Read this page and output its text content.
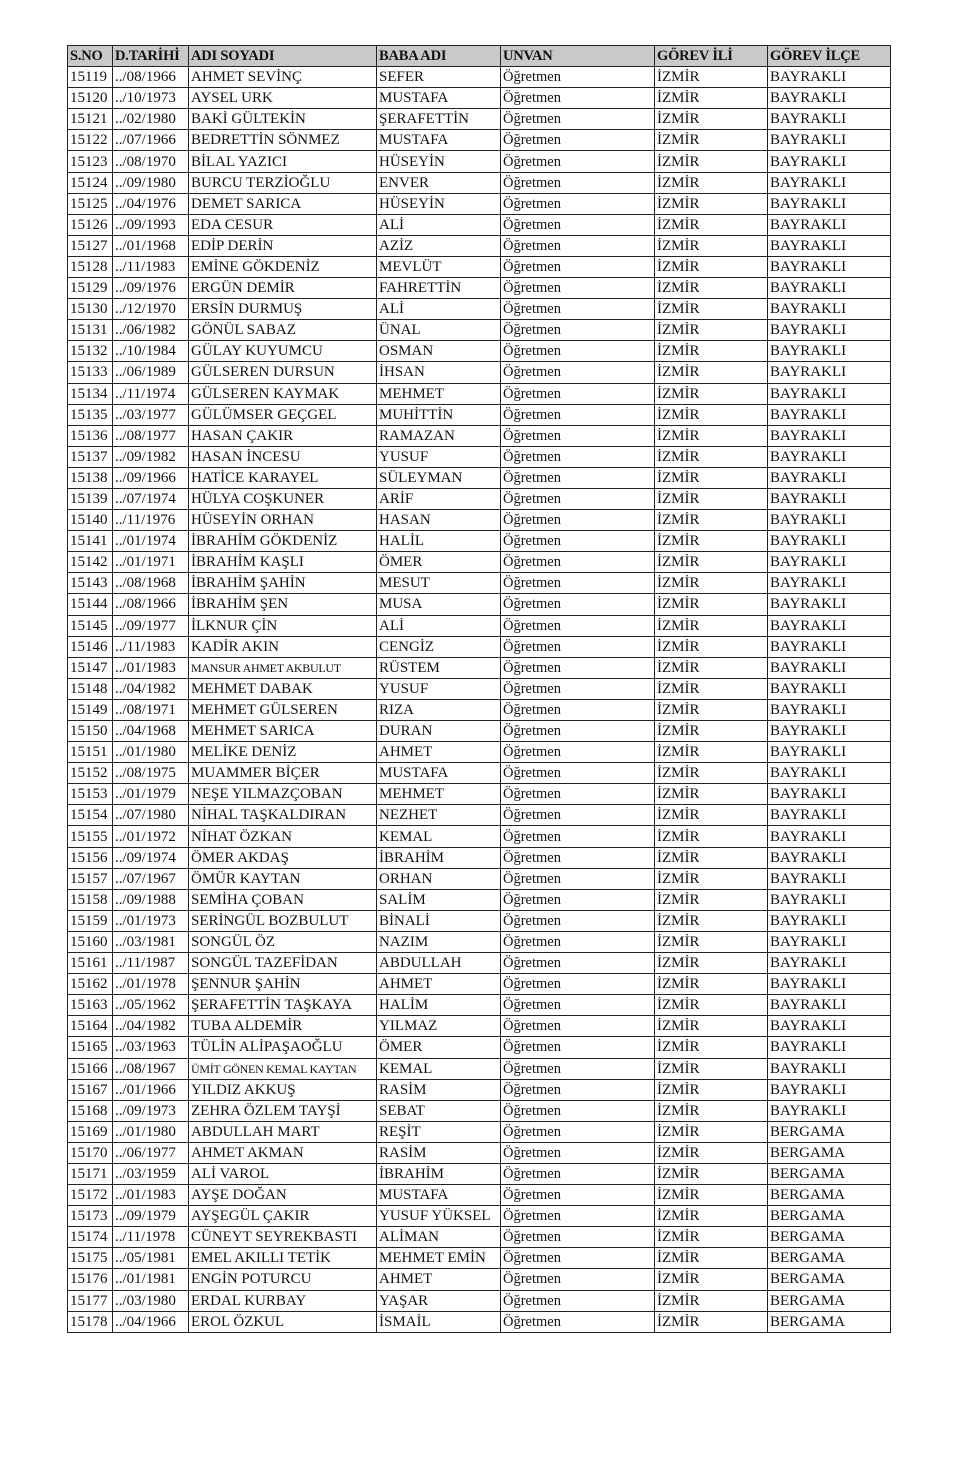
S.NO	D.TARİHİ	ADI SOYADI	BABA ADI	UNVAN	GÖREV İLİ	GÖREV İLÇE
15119	../08/1966	AHMET SEVİNÇ	SEFER	Öğretmen	İZMİR	BAYRAKLI
15120	../10/1973	AYSEL URK	MUSTAFA	Öğretmen	İZMİR	BAYRAKLI
15121	../02/1980	BAKİ GÜLTEKİN	ŞERAFETTİN	Öğretmen	İZMİR	BAYRAKLI
15122	../07/1966	BEDRETTİN SÖNMEZ	MUSTAFA	Öğretmen	İZMİR	BAYRAKLI
15123	../08/1970	BİLAL YAZICI	HÜSEYİN	Öğretmen	İZMİR	BAYRAKLI
15124	../09/1980	BURCU TERZİOĞLU	ENVER	Öğretmen	İZMİR	BAYRAKLI
15125	../04/1976	DEMET SARICA	HÜSEYİN	Öğretmen	İZMİR	BAYRAKLI
15126	../09/1993	EDA CESUR	ALİ	Öğretmen	İZMİR	BAYRAKLI
15127	../01/1968	EDİP DERİN	AZİZ	Öğretmen	İZMİR	BAYRAKLI
15128	../11/1983	EMİNE GÖKDENİZ	MEVLÜT	Öğretmen	İZMİR	BAYRAKLI
15129	../09/1976	ERGÜN DEMİR	FAHRETTİN	Öğretmen	İZMİR	BAYRAKLI
15130	../12/1970	ERSİN DURMUŞ	ALİ	Öğretmen	İZMİR	BAYRAKLI
15131	../06/1982	GÖNÜL SABAZ	ÜNAL	Öğretmen	İZMİR	BAYRAKLI
15132	../10/1984	GÜLAY KUYUMCU	OSMAN	Öğretmen	İZMİR	BAYRAKLI
15133	../06/1989	GÜLSEREN DURSUN	İHSAN	Öğretmen	İZMİR	BAYRAKLI
15134	../11/1974	GÜLSEREN KAYMAK	MEHMET	Öğretmen	İZMİR	BAYRAKLI
15135	../03/1977	GÜLÜMSER GEÇGEL	MUHİTTİN	Öğretmen	İZMİR	BAYRAKLI
15136	../08/1977	HASAN ÇAKIR	RAMAZAN	Öğretmen	İZMİR	BAYRAKLI
15137	../09/1982	HASAN İNCESU	YUSUF	Öğretmen	İZMİR	BAYRAKLI
15138	../09/1966	HATİCE KARAYEL	SÜLEYMAN	Öğretmen	İZMİR	BAYRAKLI
15139	../07/1974	HÜLYA COŞKUNER	ARİF	Öğretmen	İZMİR	BAYRAKLI
15140	../11/1976	HÜSEYİN ORHAN	HASAN	Öğretmen	İZMİR	BAYRAKLI
15141	../01/1974	İBRAHİM GÖKDENİZ	HALİL	Öğretmen	İZMİR	BAYRAKLI
15142	../01/1971	İBRAHİM KAŞLI	ÖMER	Öğretmen	İZMİR	BAYRAKLI
15143	../08/1968	İBRAHİM ŞAHİN	MESUT	Öğretmen	İZMİR	BAYRAKLI
15144	../08/1966	İBRAHİM ŞEN	MUSA	Öğretmen	İZMİR	BAYRAKLI
15145	../09/1977	İLKNUR ÇİN	ALİ	Öğretmen	İZMİR	BAYRAKLI
15146	../11/1983	KADİR AKIN	CENGİZ	Öğretmen	İZMİR	BAYRAKLI
15147	../01/1983	MANSUR AHMET AKBULUT	RÜSTEM	Öğretmen	İZMİR	BAYRAKLI
15148	../04/1982	MEHMET DABAK	YUSUF	Öğretmen	İZMİR	BAYRAKLI
15149	../08/1971	MEHMET GÜLSEREN	RIZA	Öğretmen	İZMİR	BAYRAKLI
15150	../04/1968	MEHMET SARICA	DURAN	Öğretmen	İZMİR	BAYRAKLI
15151	../01/1980	MELİKE DENİZ	AHMET	Öğretmen	İZMİR	BAYRAKLI
15152	../08/1975	MUAMMER BİÇER	MUSTAFA	Öğretmen	İZMİR	BAYRAKLI
15153	../01/1979	NEŞE YILMAZÇOBAN	MEHMET	Öğretmen	İZMİR	BAYRAKLI
15154	../07/1980	NİHAL TAŞKALDIRAN	NEZHET	Öğretmen	İZMİR	BAYRAKLI
15155	../01/1972	NİHAT ÖZKAN	KEMAL	Öğretmen	İZMİR	BAYRAKLI
15156	../09/1974	ÖMER AKDAŞ	İBRAHİM	Öğretmen	İZMİR	BAYRAKLI
15157	../07/1967	ÖMÜR KAYTAN	ORHAN	Öğretmen	İZMİR	BAYRAKLI
15158	../09/1988	SEMİHA ÇOBAN	SALİM	Öğretmen	İZMİR	BAYRAKLI
15159	../01/1973	SERİNGÜL BOZBULUT	BİNALİ	Öğretmen	İZMİR	BAYRAKLI
15160	../03/1981	SONGÜL ÖZ	NAZIM	Öğretmen	İZMİR	BAYRAKLI
15161	../11/1987	SONGÜL TAZEFİDAN	ABDULLAH	Öğretmen	İZMİR	BAYRAKLI
15162	../01/1978	ŞENNUR ŞAHİN	AHMET	Öğretmen	İZMİR	BAYRAKLI
15163	../05/1962	ŞERAFETTİN TAŞKAYA	HALİM	Öğretmen	İZMİR	BAYRAKLI
15164	../04/1982	TUBA ALDEMİR	YILMAZ	Öğretmen	İZMİR	BAYRAKLI
15165	../03/1963	TÜLİN ALİPAŞAOĞLU	ÖMER	Öğretmen	İZMİR	BAYRAKLI
15166	../08/1967	ÜMİT GÖNEN KEMAL KAYTAN	KEMAL	Öğretmen	İZMİR	BAYRAKLI
15167	../01/1966	YILDIZ AKKUŞ	RASİM	Öğretmen	İZMİR	BAYRAKLI
15168	../09/1973	ZEHRA ÖZLEM TAYŞİ	SEBAT	Öğretmen	İZMİR	BAYRAKLI
15169	../01/1980	ABDULLAH MART	REŞİT	Öğretmen	İZMİR	BERGAMA
15170	../06/1977	AHMET AKMAN	RASİM	Öğretmen	İZMİR	BERGAMA
15171	../03/1959	ALİ VAROL	İBRAHİM	Öğretmen	İZMİR	BERGAMA
15172	../01/1983	AYŞE DOĞAN	MUSTAFA	Öğretmen	İZMİR	BERGAMA
15173	../09/1979	AYŞEGÜL ÇAKIR	YUSUF YÜKSEL	Öğretmen	İZMİR	BERGAMA
15174	../11/1978	CÜNEYT SEYREKBASTI	ALİMAN	Öğretmen	İZMİR	BERGAMA
15175	../05/1981	EMEL AKILLI TETİK	MEHMET EMİN	Öğretmen	İZMİR	BERGAMA
15176	../01/1981	ENGİN POTURCU	AHMET	Öğretmen	İZMİR	BERGAMA
15177	../03/1980	ERDAL KURBAY	YAŞAR	Öğretmen	İZMİR	BERGAMA
15178	../04/1966	EROL ÖZKUL	İSMAİL	Öğretmen	İZMİR	BERGAMA
